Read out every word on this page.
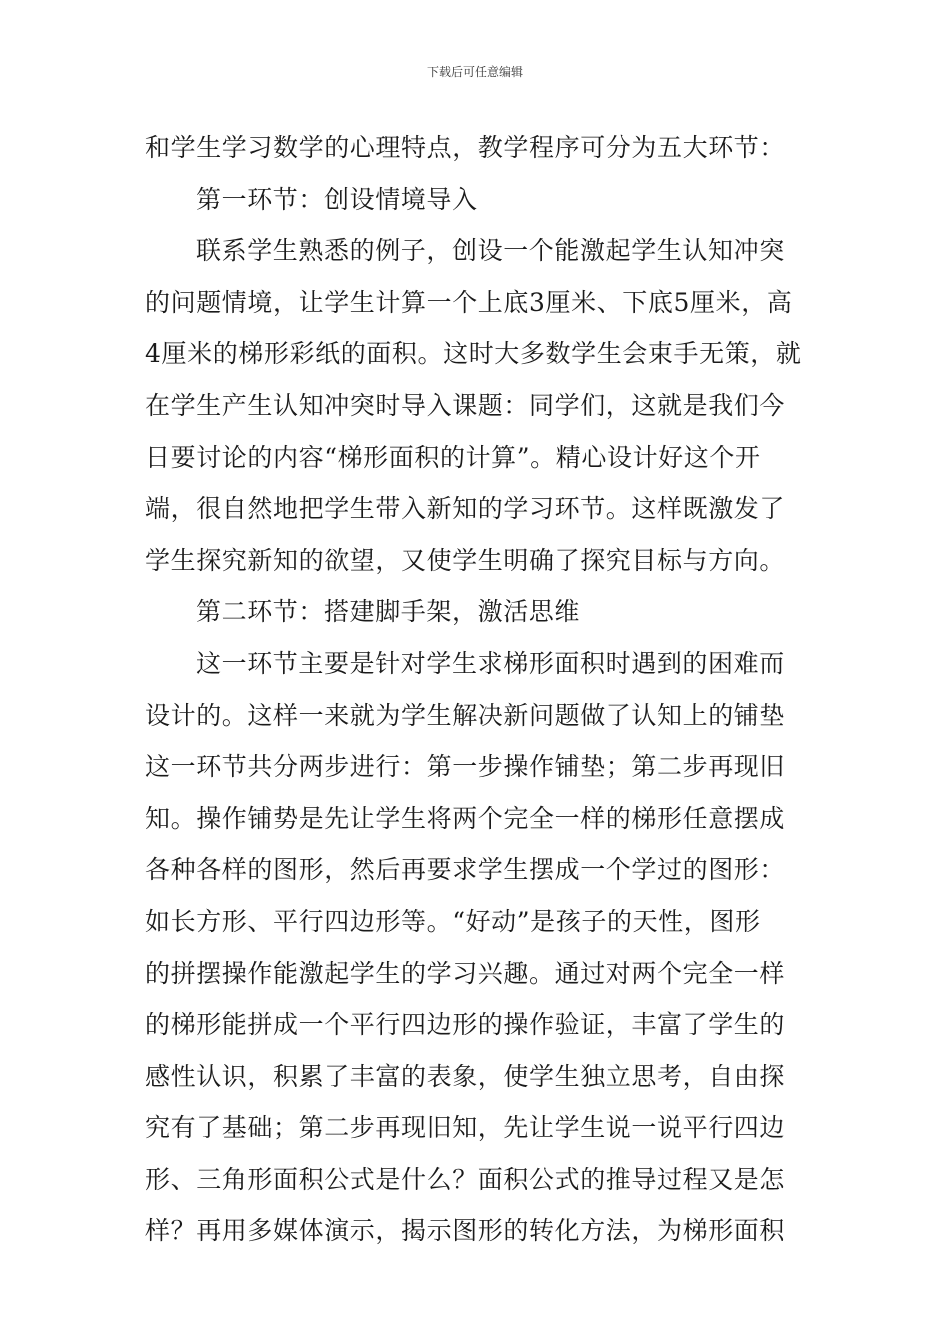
下载后可任意编辑
和学生学习数学的心理特点，教学程序可分为五大环节：
第一环节：创设情境导入
联系学生熟悉的例子，创设一个能激起学生认知冲突
的问题情境，让学生计算一个上底3厘米、下底5厘米，高
4厘米的梯形彩纸的面积。这时大多数学生会束手无策，就
在学生产生认知冲突时导入课题：同学们，这就是我们今
日要讨论的内容“梯形面积的计算”。精心设计好这个开
端，很自然地把学生带入新知的学习环节。这样既激发了
学生探究新知的欲望，又使学生明确了探究目标与方向。
第二环节：搭建脚手架，激活思维
这一环节主要是针对学生求梯形面积时遇到的困难而
设计的。这样一来就为学生解决新问题做了认知上的铺垫
这一环节共分两步进行：第一步操作铺垫；第二步再现旧
知。操作铺势是先让学生将两个完全一样的梯形任意摆成
各种各样的图形，然后再要求学生摆成一个学过的图形：
如长方形、平行四边形等。“好动”是孩子的天性，图形
的拼摆操作能激起学生的学习兴趣。通过对两个完全一样
的梯形能拼成一个平行四边形的操作验证，丰富了学生的
感性认识，积累了丰富的表象，使学生独立思考，自由探
究有了基础；第二步再现旧知，先让学生说一说平行四边
形、三角形面积公式是什么？面积公式的推导过程又是怎
样？再用多媒体演示，揭示图形的转化方法，为梯形面积
